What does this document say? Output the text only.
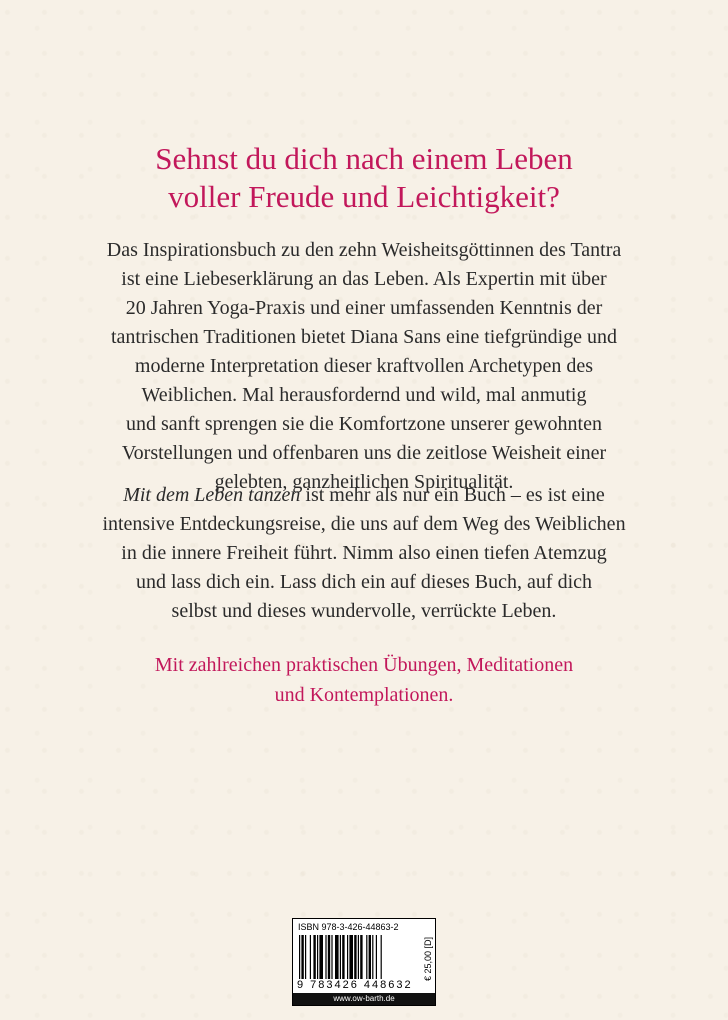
Sehnst du dich nach einem Leben
voller Freude und Leichtigkeit?
Das Inspirationsbuch zu den zehn Weisheitsgöttinnen des Tantra
ist eine Liebeserklärung an das Leben. Als Expertin mit über
20 Jahren Yoga-Praxis und einer umfassenden Kenntnis der
tantrischen Traditionen bietet Diana Sans eine tiefgründige und
moderne Interpretation dieser kraftvollen Archetypen des
Weiblichen. Mal herausfordernd und wild, mal anmutig
und sanft sprengen sie die Komfortzone unserer gewohnten
Vorstellungen und offenbaren uns die zeitlose Weisheit einer
gelebten, ganzheitlichen Spiritualität.
Mit dem Leben tanzen ist mehr als nur ein Buch – es ist eine
intensive Entdeckungsreise, die uns auf dem Weg des Weiblichen
in die innere Freiheit führt. Nimm also einen tiefen Atemzug
und lass dich ein. Lass dich ein auf dieses Buch, auf dich
selbst und dieses wundervolle, verrückte Leben.
Mit zahlreichen praktischen Übungen, Meditationen
und Kontemplationen.
ISBN 978-3-426-44863-2
9 783426 448632
€ 25,00 [D]
www.ow-barth.de
